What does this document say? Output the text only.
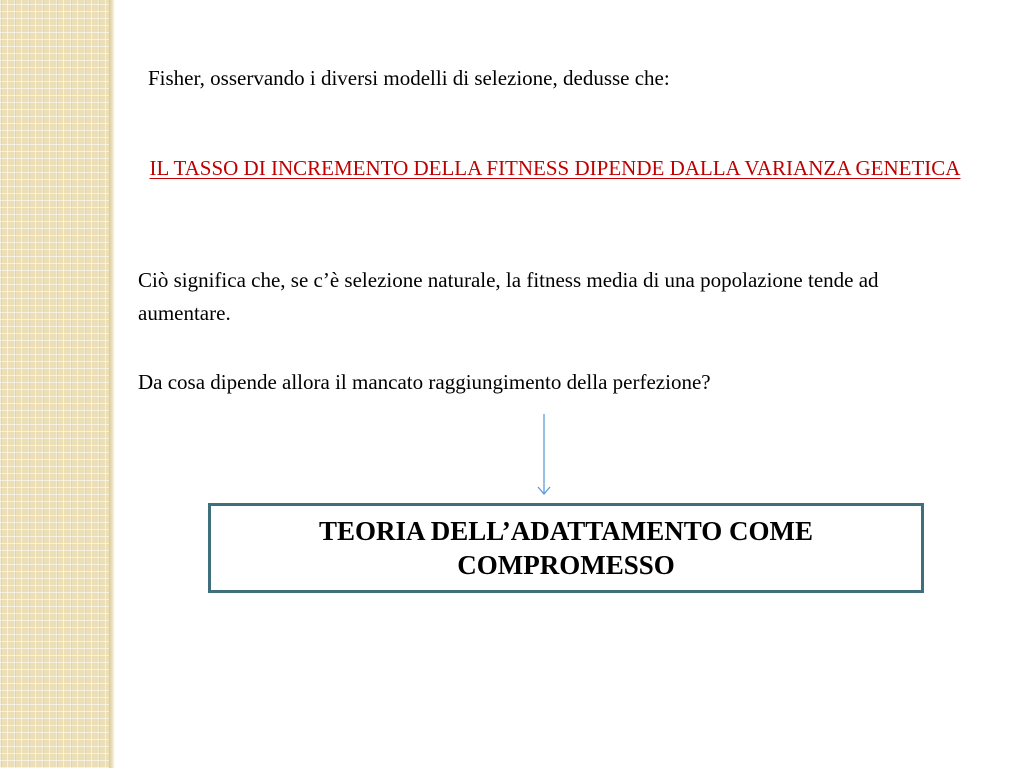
Fisher, osservando i diversi modelli di selezione, dedusse che:
IL TASSO DI INCREMENTO DELLA FITNESS DIPENDE DALLA VARIANZA GENETICA
Ciò significa che, se c’è selezione naturale, la fitness media di una popolazione tende ad aumentare.
Da cosa dipende allora il mancato raggiungimento della perfezione?
TEORIA DELL’ADATTAMENTO COME COMPROMESSO
